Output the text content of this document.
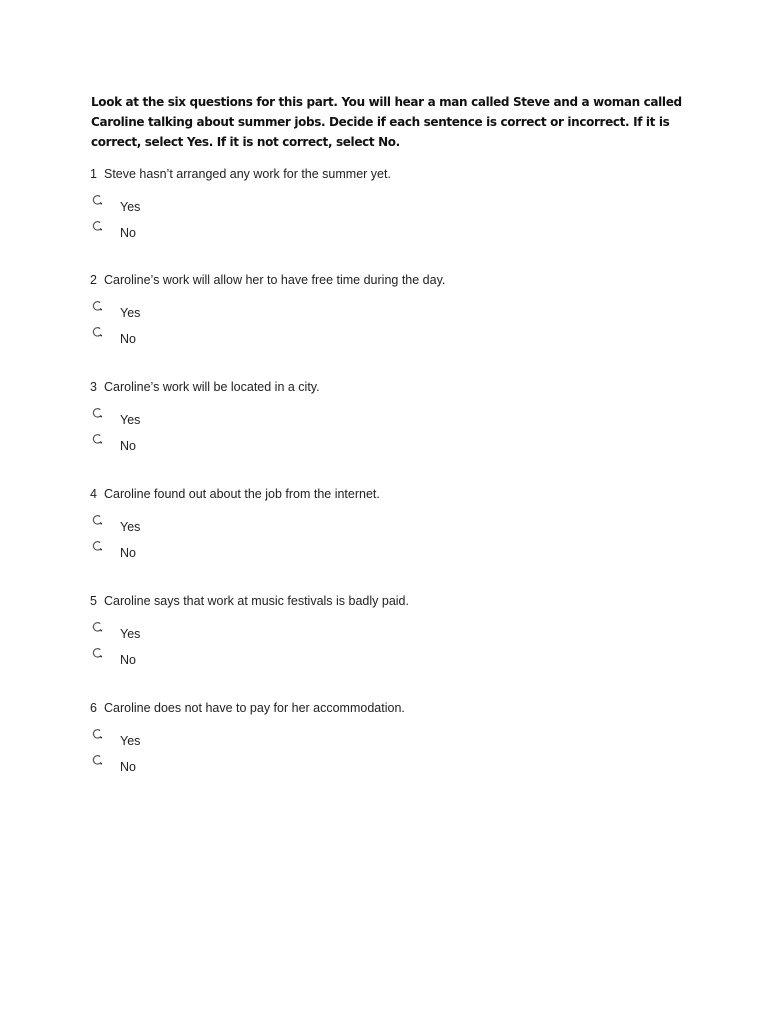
Look at the six questions for this part. You will hear a man called Steve and a woman called Caroline talking about summer jobs. Decide if each sentence is correct or incorrect. If it is correct, select Yes. If it is not correct, select No.

1 Steve hasn’t arranged any work for the summer yet.
Yes
No
2 Caroline’s work will allow her to have free time during the day.
Yes
No
3 Caroline’s work will be located in a city.
Yes
No
4 Caroline found out about the job from the internet.
Yes
No
5 Caroline says that work at music festivals is badly paid.
Yes
No
6 Caroline does not have to pay for her accommodation.
Yes
No
